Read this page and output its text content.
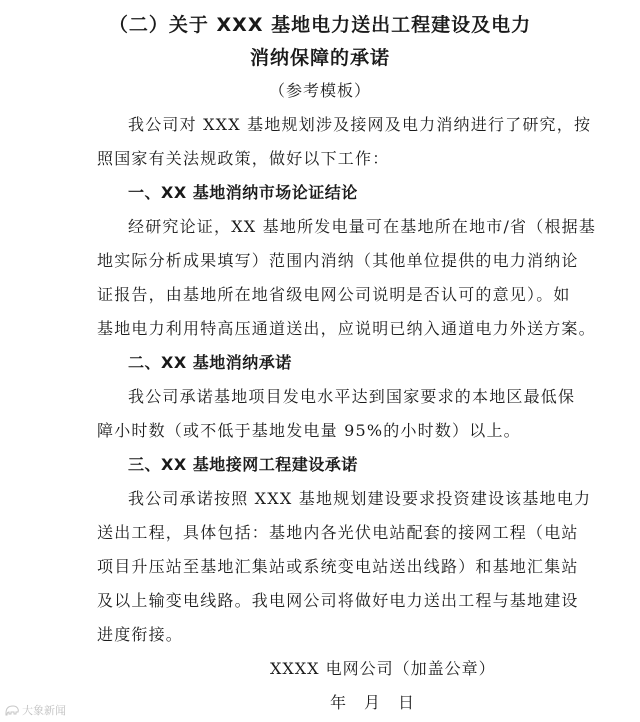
（二）关于 XXX 基地电力送出工程建设及电力
消纳保障的承诺
（参考模板）
我公司对 XXX 基地规划涉及接网及电力消纳进行了研究，按
照国家有关法规政策，做好以下工作：
一、XX 基地消纳市场论证结论
经研究论证，XX 基地所发电量可在基地所在地市/省（根据基
地实际分析成果填写）范围内消纳（其他单位提供的电力消纳论
证报告，由基地所在地省级电网公司说明是否认可的意见）。如
基地电力利用特高压通道送出，应说明已纳入通道电力外送方案。
二、XX 基地消纳承诺
我公司承诺基地项目发电水平达到国家要求的本地区最低保
障小时数（或不低于基地发电量 95%的小时数）以上。
三、XX 基地接网工程建设承诺
我公司承诺按照 XXX 基地规划建设要求投资建设该基地电力
送出工程，具体包括：基地内各光伏电站配套的接网工程（电站
项目升压站至基地汇集站或系统变电站送出线路）和基地汇集站
及以上输变电线路。我电网公司将做好电力送出工程与基地建设
进度衔接。
XXXX 电网公司（加盖公章）
年　月　日
大象新闻
